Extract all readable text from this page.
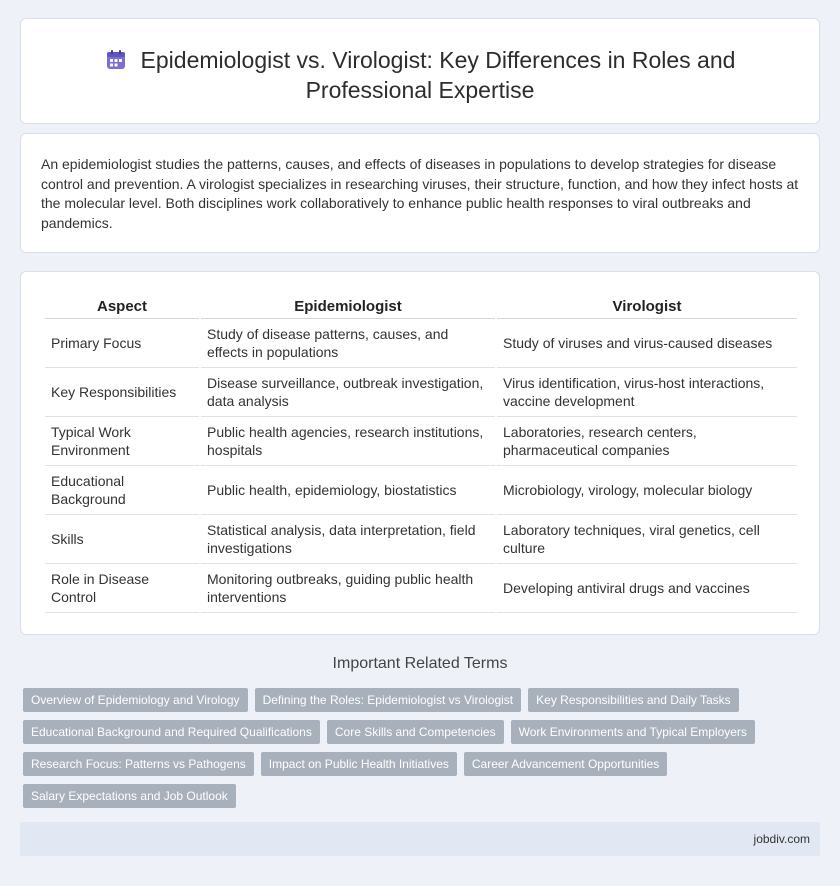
Epidemiologist vs. Virologist: Key Differences in Roles and
Professional Expertise
An epidemiologist studies the patterns, causes, and effects of diseases in populations to develop strategies for disease control and prevention. A virologist specializes in researching viruses, their structure, function, and how they infect hosts at the molecular level. Both disciplines work collaboratively to enhance public health responses to viral outbreaks and pandemics.
Aspect	Epidemiologist	Virologist
Primary Focus	Study of disease patterns, causes, and effects in populations	Study of viruses and virus-caused diseases
Key Responsibilities	Disease surveillance, outbreak investigation, data analysis	Virus identification, virus-host interactions, vaccine development
Typical Work Environment	Public health agencies, research institutions, hospitals	Laboratories, research centers, pharmaceutical companies
Educational Background	Public health, epidemiology, biostatistics	Microbiology, virology, molecular biology
Skills	Statistical analysis, data interpretation, field investigations	Laboratory techniques, viral genetics, cell culture
Role in Disease Control	Monitoring outbreaks, guiding public health interventions	Developing antiviral drugs and vaccines
Important Related Terms
Overview of Epidemiology and Virology	Defining the Roles: Epidemiologist vs Virologist	Key Responsibilities and Daily Tasks
Educational Background and Required Qualifications	Core Skills and Competencies	Work Environments and Typical Employers
Research Focus: Patterns vs Pathogens	Impact on Public Health Initiatives	Career Advancement Opportunities
Salary Expectations and Job Outlook
jobdiv.com
